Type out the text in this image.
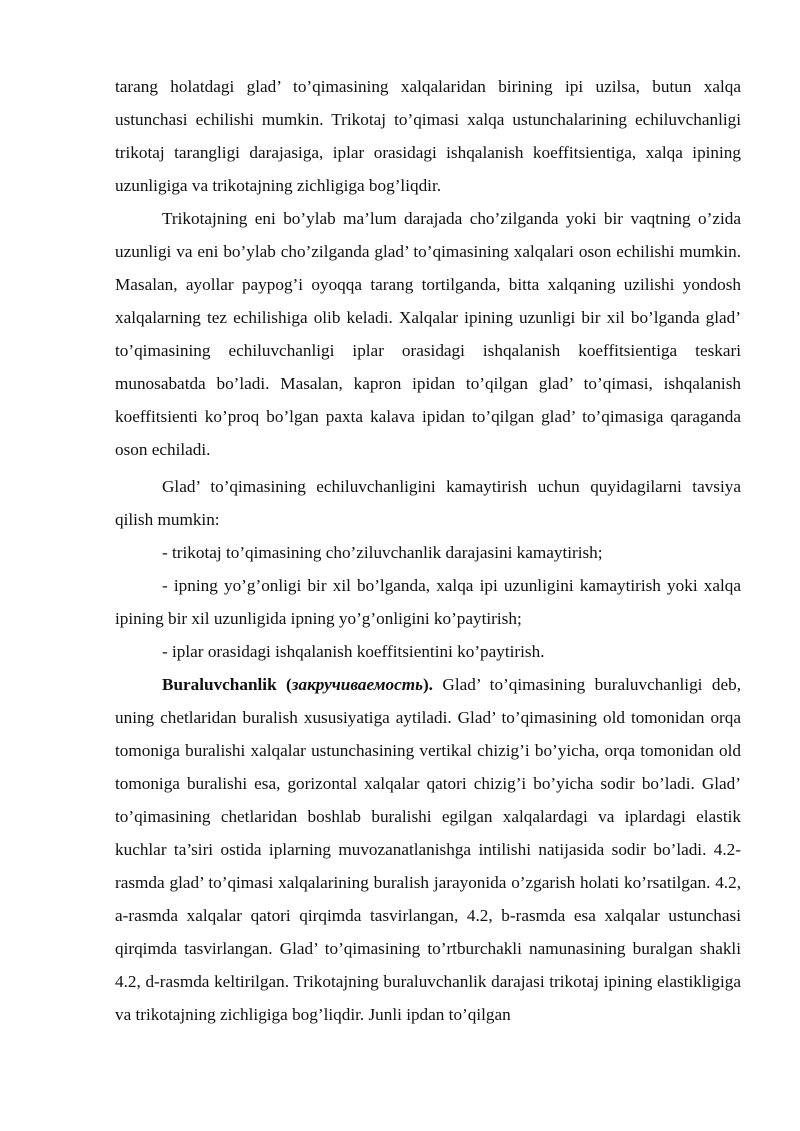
tarang holatdagi glad’ to’qimasining xalqalaridan birining ipi uzilsa, butun xalqa ustunchasi echilishi mumkin. Trikotaj to’qimasi xalqa ustunchalarining echiluvchanligi trikotaj tarangligi darajasiga, iplar orasidagi ishqalanish koeffitsientiga, xalqa ipining uzunligiga va trikotajning zichligiga bog’liqdir.

Trikotajning eni bo’ylab ma’lum darajada cho’zilganda yoki bir vaqtning o’zida uzunligi va eni bo’ylab cho’zilganda glad’ to’qimasining xalqalari oson echilishi mumkin. Masalan, ayollar paypog’i oyoqqa tarang tortilganda, bitta xalqaning uzilishi yondosh xalqalarning tez echilishiga olib keladi. Xalqalar ipining uzunligi bir xil bo’lganda glad’ to’qimasining echiluvchanligi iplar orasidagi ishqalanish koeffitsientiga teskari munosabatda bo’ladi. Masalan, kapron ipidan to’qilgan glad’ to’qimasi, ishqalanish koeffitsienti ko’proq bo’lgan paxta kalava ipidan to’qilgan glad’ to’qimasiga qaraganda oson echiladi.

Glad’ to’qimasining echiluvchanligini kamaytirish uchun quyidagilarni tavsiya qilish mumkin:

- trikotaj to’qimasining cho’ziluvchanlik darajasini kamaytirish;

- ipning yo’g’onligi bir xil bo’lganda, xalqa ipi uzunligini kamaytirish yoki xalqa ipining bir xil uzunligida ipning yo’g’onligini ko’paytirish;

- iplar orasidagi ishqalanish koeffitsientini ko’paytirish.

Buraluvchanlik (закручиваемость). Glad’ to’qimasining buraluvchanligi deb, uning chetlaridan buralish xususiyatiga aytiladi. Glad’ to’qimasining old tomonidan orqa tomoniga buralishi xalqalar ustunchasining vertikal chizig’i bo’yicha, orqa tomonidan old tomoniga buralishi esa, gorizontal xalqalar qatori chizig’i bo’yicha sodir bo’ladi. Glad’ to’qimasining chetlaridan boshlab buralishi egilgan xalqalardagi va iplardagi elastik kuchlar ta’siri ostida iplarning muvozanatlanishga intilishi natijasida sodir bo’ladi. 4.2-rasmda glad’ to’qimasi xalqalarining buralish jarayonida o’zgarish holati ko’rsatilgan. 4.2, a-rasmda xalqalar qatori qirqimda tasvirlangan, 4.2, b-rasmda esa xalqalar ustunchasi qirqimda tasvirlangan. Glad’ to’qimasining to’rtburchakli namunasining buralgan shakli 4.2, d-rasmda keltirilgan. Trikotajning buraluvchanlik darajasi trikotaj ipining elastikligiga va trikotajning zichligiga bog’liqdir. Junli ipdan to’qilgan
